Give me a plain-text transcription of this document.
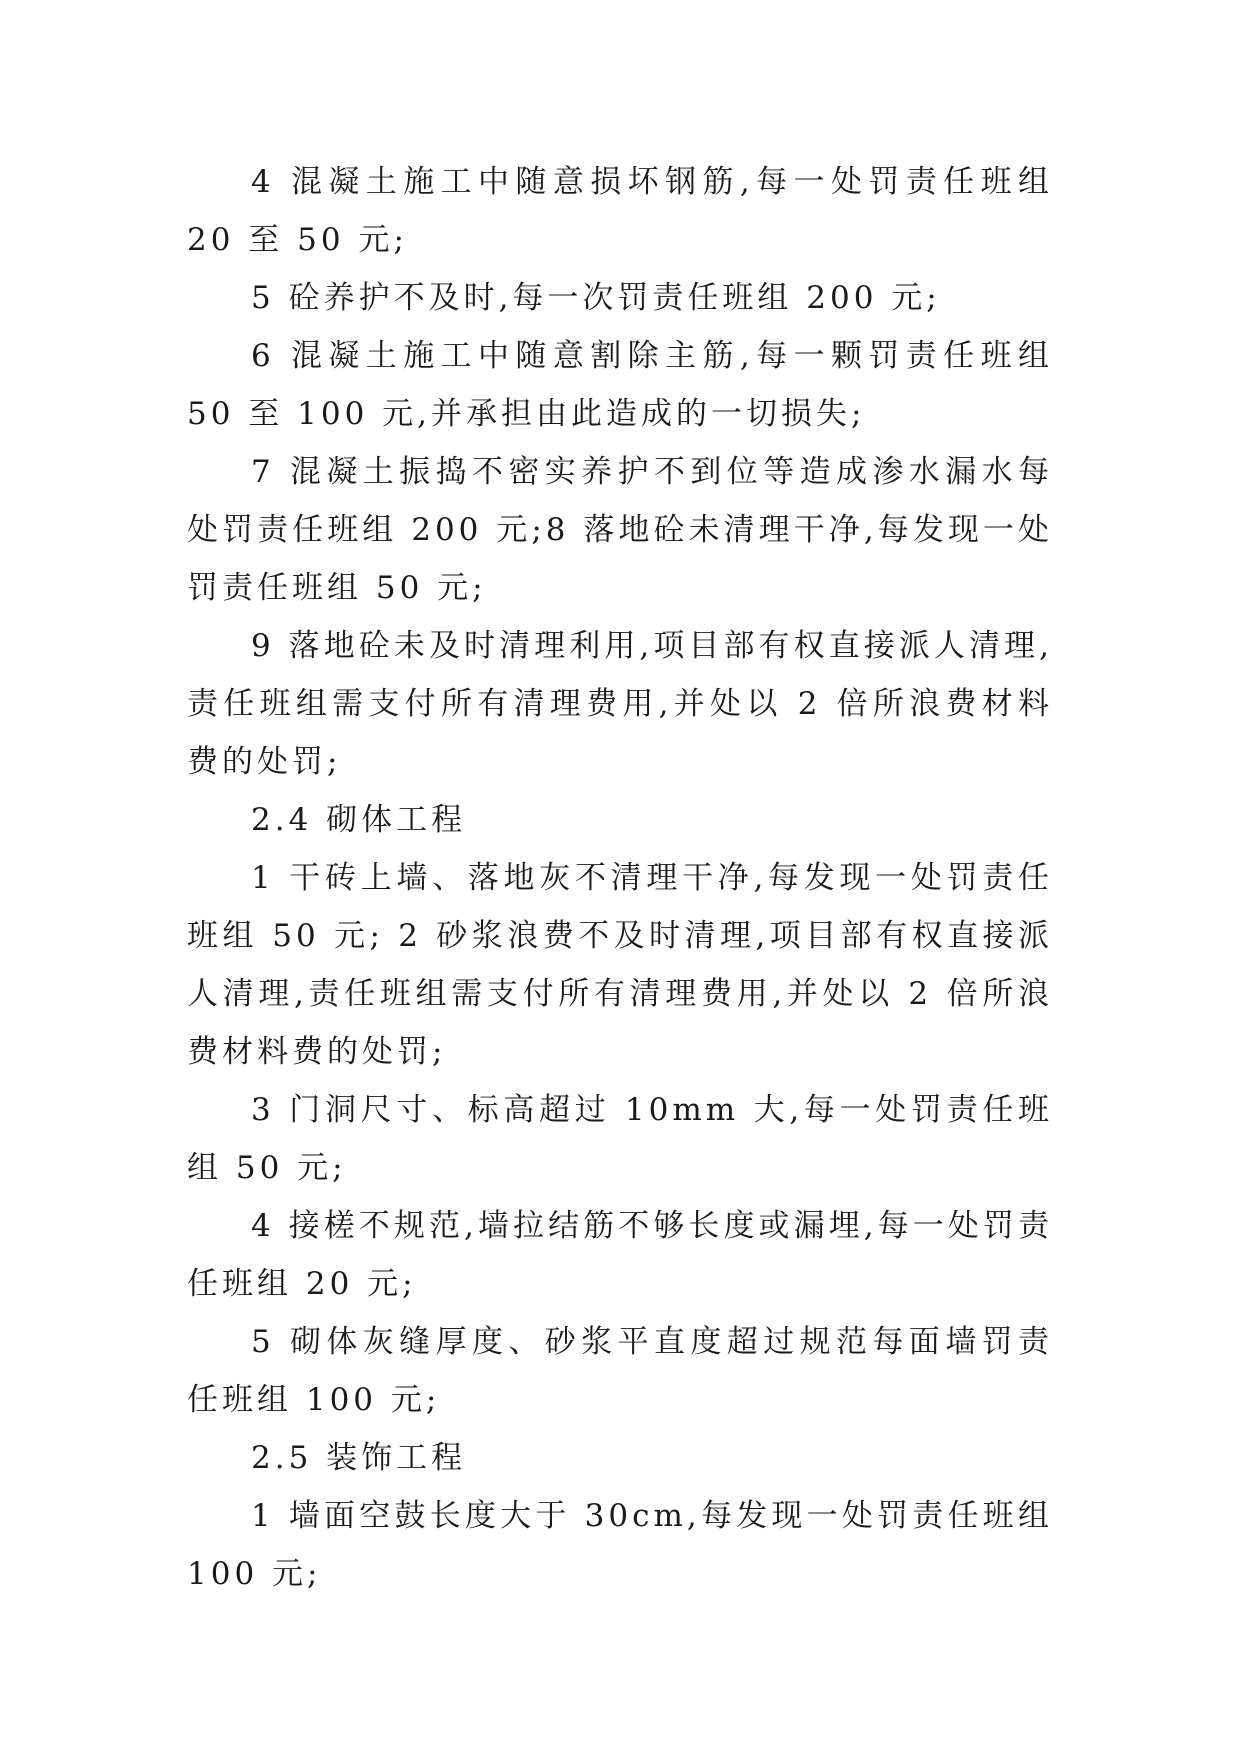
4 混凝土施工中随意损坏钢筋,每一处罚责任班组 20 至 50 元;

5 砼养护不及时,每一次罚责任班组 200 元;

6 混凝土施工中随意割除主筋,每一颗罚责任班组 50 至 100 元,并承担由此造成的一切损失;

7 混凝土振捣不密实养护不到位等造成渗水漏水每处罚责任班组 200 元;8 落地砼未清理干净,每发现一处罚责任班组 50 元;

9 落地砼未及时清理利用,项目部有权直接派人清理,责任班组需支付所有清理费用,并处以 2 倍所浪费材料费的处罚;

2.4 砌体工程

1 干砖上墙、落地灰不清理干净,每发现一处罚责任班组 50 元; 2 砂浆浪费不及时清理,项目部有权直接派人清理,责任班组需支付所有清理费用,并处以 2 倍所浪费材料费的处罚;

3 门洞尺寸、标高超过 10mm 大,每一处罚责任班组 50 元;

4 接槎不规范,墙拉结筋不够长度或漏埋,每一处罚责任班组 20 元;

5 砌体灰缝厚度、砂浆平直度超过规范每面墙罚责任班组 100 元;

2.5 装饰工程

1 墙面空鼓长度大于 30cm,每发现一处罚责任班组 100 元;
